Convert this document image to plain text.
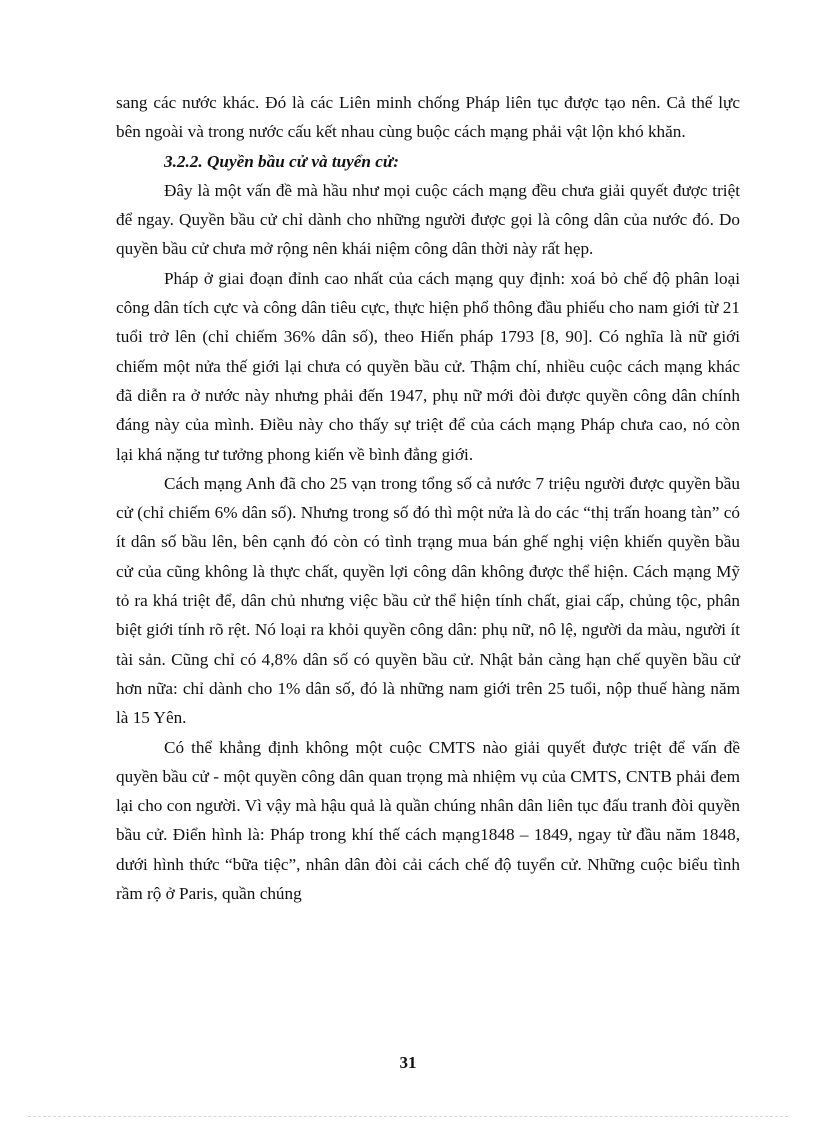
sang các nước khác. Đó là các Liên minh chống Pháp liên tục được tạo nên. Cả thế lực bên ngoài và trong nước cấu kết nhau cùng buộc cách mạng phải vật lộn khó khăn.

3.2.2. Quyền bầu cử và tuyển cử:

Đây là một vấn đề mà hầu như mọi cuộc cách mạng đều chưa giải quyết được triệt để ngay. Quyền bầu cử chỉ dành cho những người được gọi là công dân của nước đó. Do quyền bầu cử chưa mở rộng nên khái niệm công dân thời này rất hẹp.

Pháp ở giai đoạn đỉnh cao nhất của cách mạng quy định: xoá bỏ chế độ phân loại công dân tích cực và công dân tiêu cực, thực hiện phổ thông đầu phiếu cho nam giới từ 21 tuổi trở lên (chỉ chiếm 36% dân số), theo Hiến pháp 1793 [8, 90]. Có nghĩa là nữ giới chiếm một nửa thế giới lại chưa có quyền bầu cử. Thậm chí, nhiều cuộc cách mạng khác đã diễn ra ở nước này nhưng phải đến 1947, phụ nữ mới đòi được quyền công dân chính đáng này của mình. Điều này cho thấy sự triệt để của cách mạng Pháp chưa cao, nó còn lại khá nặng tư tưởng phong kiến về bình đẳng giới.

Cách mạng Anh đã cho 25 vạn trong tổng số cả nước 7 triệu người được quyền bầu cử (chỉ chiếm 6% dân số). Nhưng trong số đó thì một nửa là do các “thị trấn hoang tàn” có ít dân số bầu lên, bên cạnh đó còn có tình trạng mua bán ghế nghị viện khiến quyền bầu cử của cũng không là thực chất, quyền lợi công dân không được thể hiện. Cách mạng Mỹ tỏ ra khá triệt để, dân chủ nhưng việc bầu cử thể hiện tính chất, giai cấp, chủng tộc, phân biệt giới tính rõ rệt. Nó loại ra khỏi quyền công dân: phụ nữ, nô lệ, người da màu, người ít tài sản. Cũng chỉ có 4,8% dân số có quyền bầu cử. Nhật bản càng hạn chế quyền bầu cử hơn nữa: chỉ dành cho 1% dân số, đó là những nam giới trên 25 tuổi, nộp thuế hàng năm là 15 Yên.

Có thể khẳng định không một cuộc CMTS nào giải quyết được triệt để vấn đề quyền bầu cử - một quyền công dân quan trọng mà nhiệm vụ của CMTS, CNTB phải đem lại cho con người. Vì vậy mà hậu quả là quần chúng nhân dân liên tục đấu tranh đòi quyền bầu cử. Điển hình là: Pháp trong khí thế cách mạng1848 – 1849, ngay từ đầu năm 1848, dưới hình thức “bữa tiệc”, nhân dân đòi cải cách chế độ tuyển cử. Những cuộc biểu tình rầm rộ ở Paris, quần chúng

31
